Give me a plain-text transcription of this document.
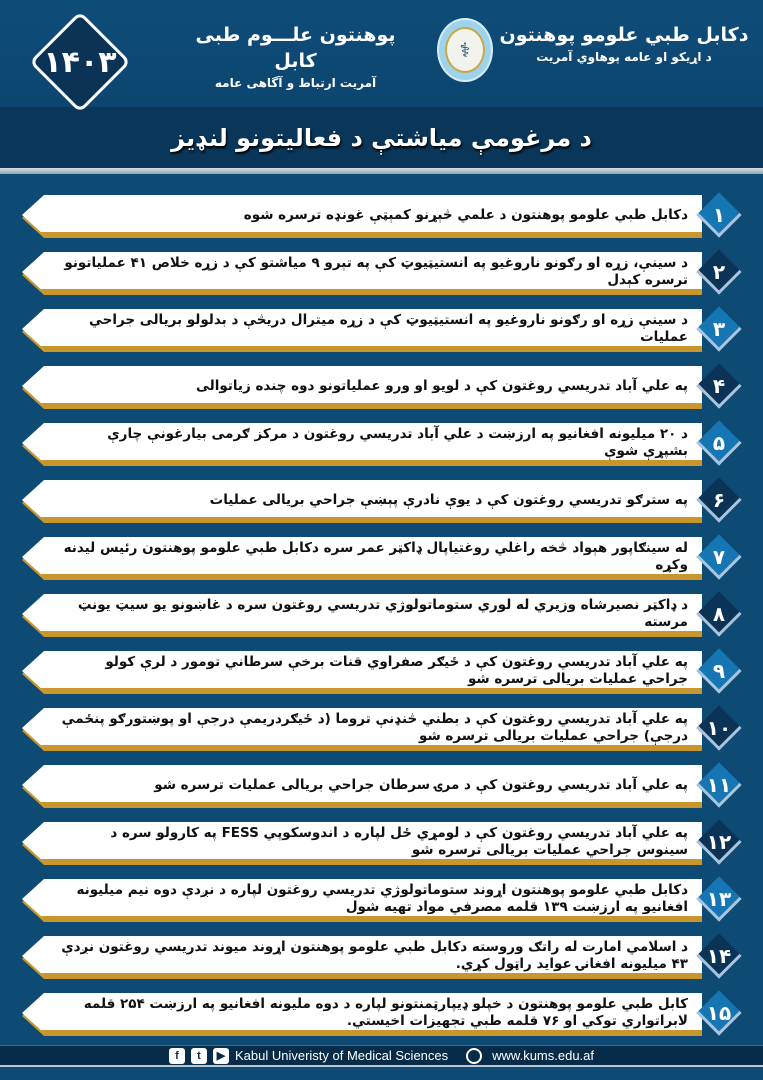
۱۴۰۳
پوهنتون علـــوم طبی کابل
آمریت ارتباط و آگاهی عامه
⚕
دکابل طبي علومو پوهنتون
د اړیکو او عامه پوهاوي آمریت
د مرغومې میاشتې د فعالیتونو لنډیز
دکابل طبي علومو پوهنتون د علمي څېړنو کمېټې غونډه ترسره شوه	۱
د سینې، زړه او رګونو ناروغیو په انستیټیوټ کې په تېرو ۹ میاشتو کې د زړه خلاص ۴۱ عملیاتونو ترسره کېدل	۲
د سینې زړه او رګونو ناروغیو په انستیټیوټ کې د زړه میترال دریڅې د بدلولو بریالی جراحي عملیات	۳
په علي آباد تدریسي روغتون کې د لویو او ورو عملیاتونو دوه چنده زیاتوالی	۴
د ۲۰ میلیونه افغانیو په ارزښت د علي آباد تدریسي روغتون د مرکز ګرمی بیارغونې چارې بشپړې شوې	۵
په سترګو تدریسي روغتون کې د یوې نادرې پېښې جراحي بریالی عملیات	۶
له سینګاپور هېواد څخه راغلي روغتیاپال ډاکټر عمر سره دکابل طبي علومو پوهنتون رئیس لیدنه وکړه	۷
د ډاکټر نصیرشاه وزیري له لوري ستوماتولوژي تدریسي روغتون سره د غاښونو یو سیټ یونټ مرسته	۸
په علي آباد تدریسي روغتون کې د ځیګر صفراوي قنات برخې سرطاني تومور د لرې کولو جراحي عملیات بریالی ترسره شو	۹
په علي آباد تدریسي روغتون کې د بطني څنډنې تروما (د ځیګردریمې درجې او پوښتورګو پنځمې درجې) جراحي عملیات بریالی ترسره شو ۱۰
په علي آباد تدریسي روغتون کې د مرۍ سرطان جراحي بریالی عملیات ترسره شو ۱۱
په علي آباد تدریسي روغتون کې د لومړي ځل لپاره د اندوسکوپي FESS په کارولو سره د سینوس جراحي عملیات بریالی ترسره شو ۱۲
دکابل طبي علومو پوهنتون اړوند ستوماتولوژي تدریسي روغتون لپاره د نږدې دوه نیم میلیونه افغانیو په ارزښت ۱۳۹ قلمه مصرفي مواد تهیه شول ۱۳
د اسلامي امارت له راتګ وروسته دکابل طبي علومو پوهنتون اړوند میوند تدریسي روغتون نږدې ۴۳ میلیونه افغانۍ عواید راټول کړي. ۱۴
کابل طبي علومو پوهنتون د خپلو ډیپارټمنتونو لپاره د دوه ملیونه افغانیو په ارزښت ۲۵۴ قلمه لابراتواري توکي او ۷۶ قلمه طبي تجهیزات اخیستي. ۱۵
f	t	▶ Kabul Univeristy of Medical Sciences	www.kums.edu.af
